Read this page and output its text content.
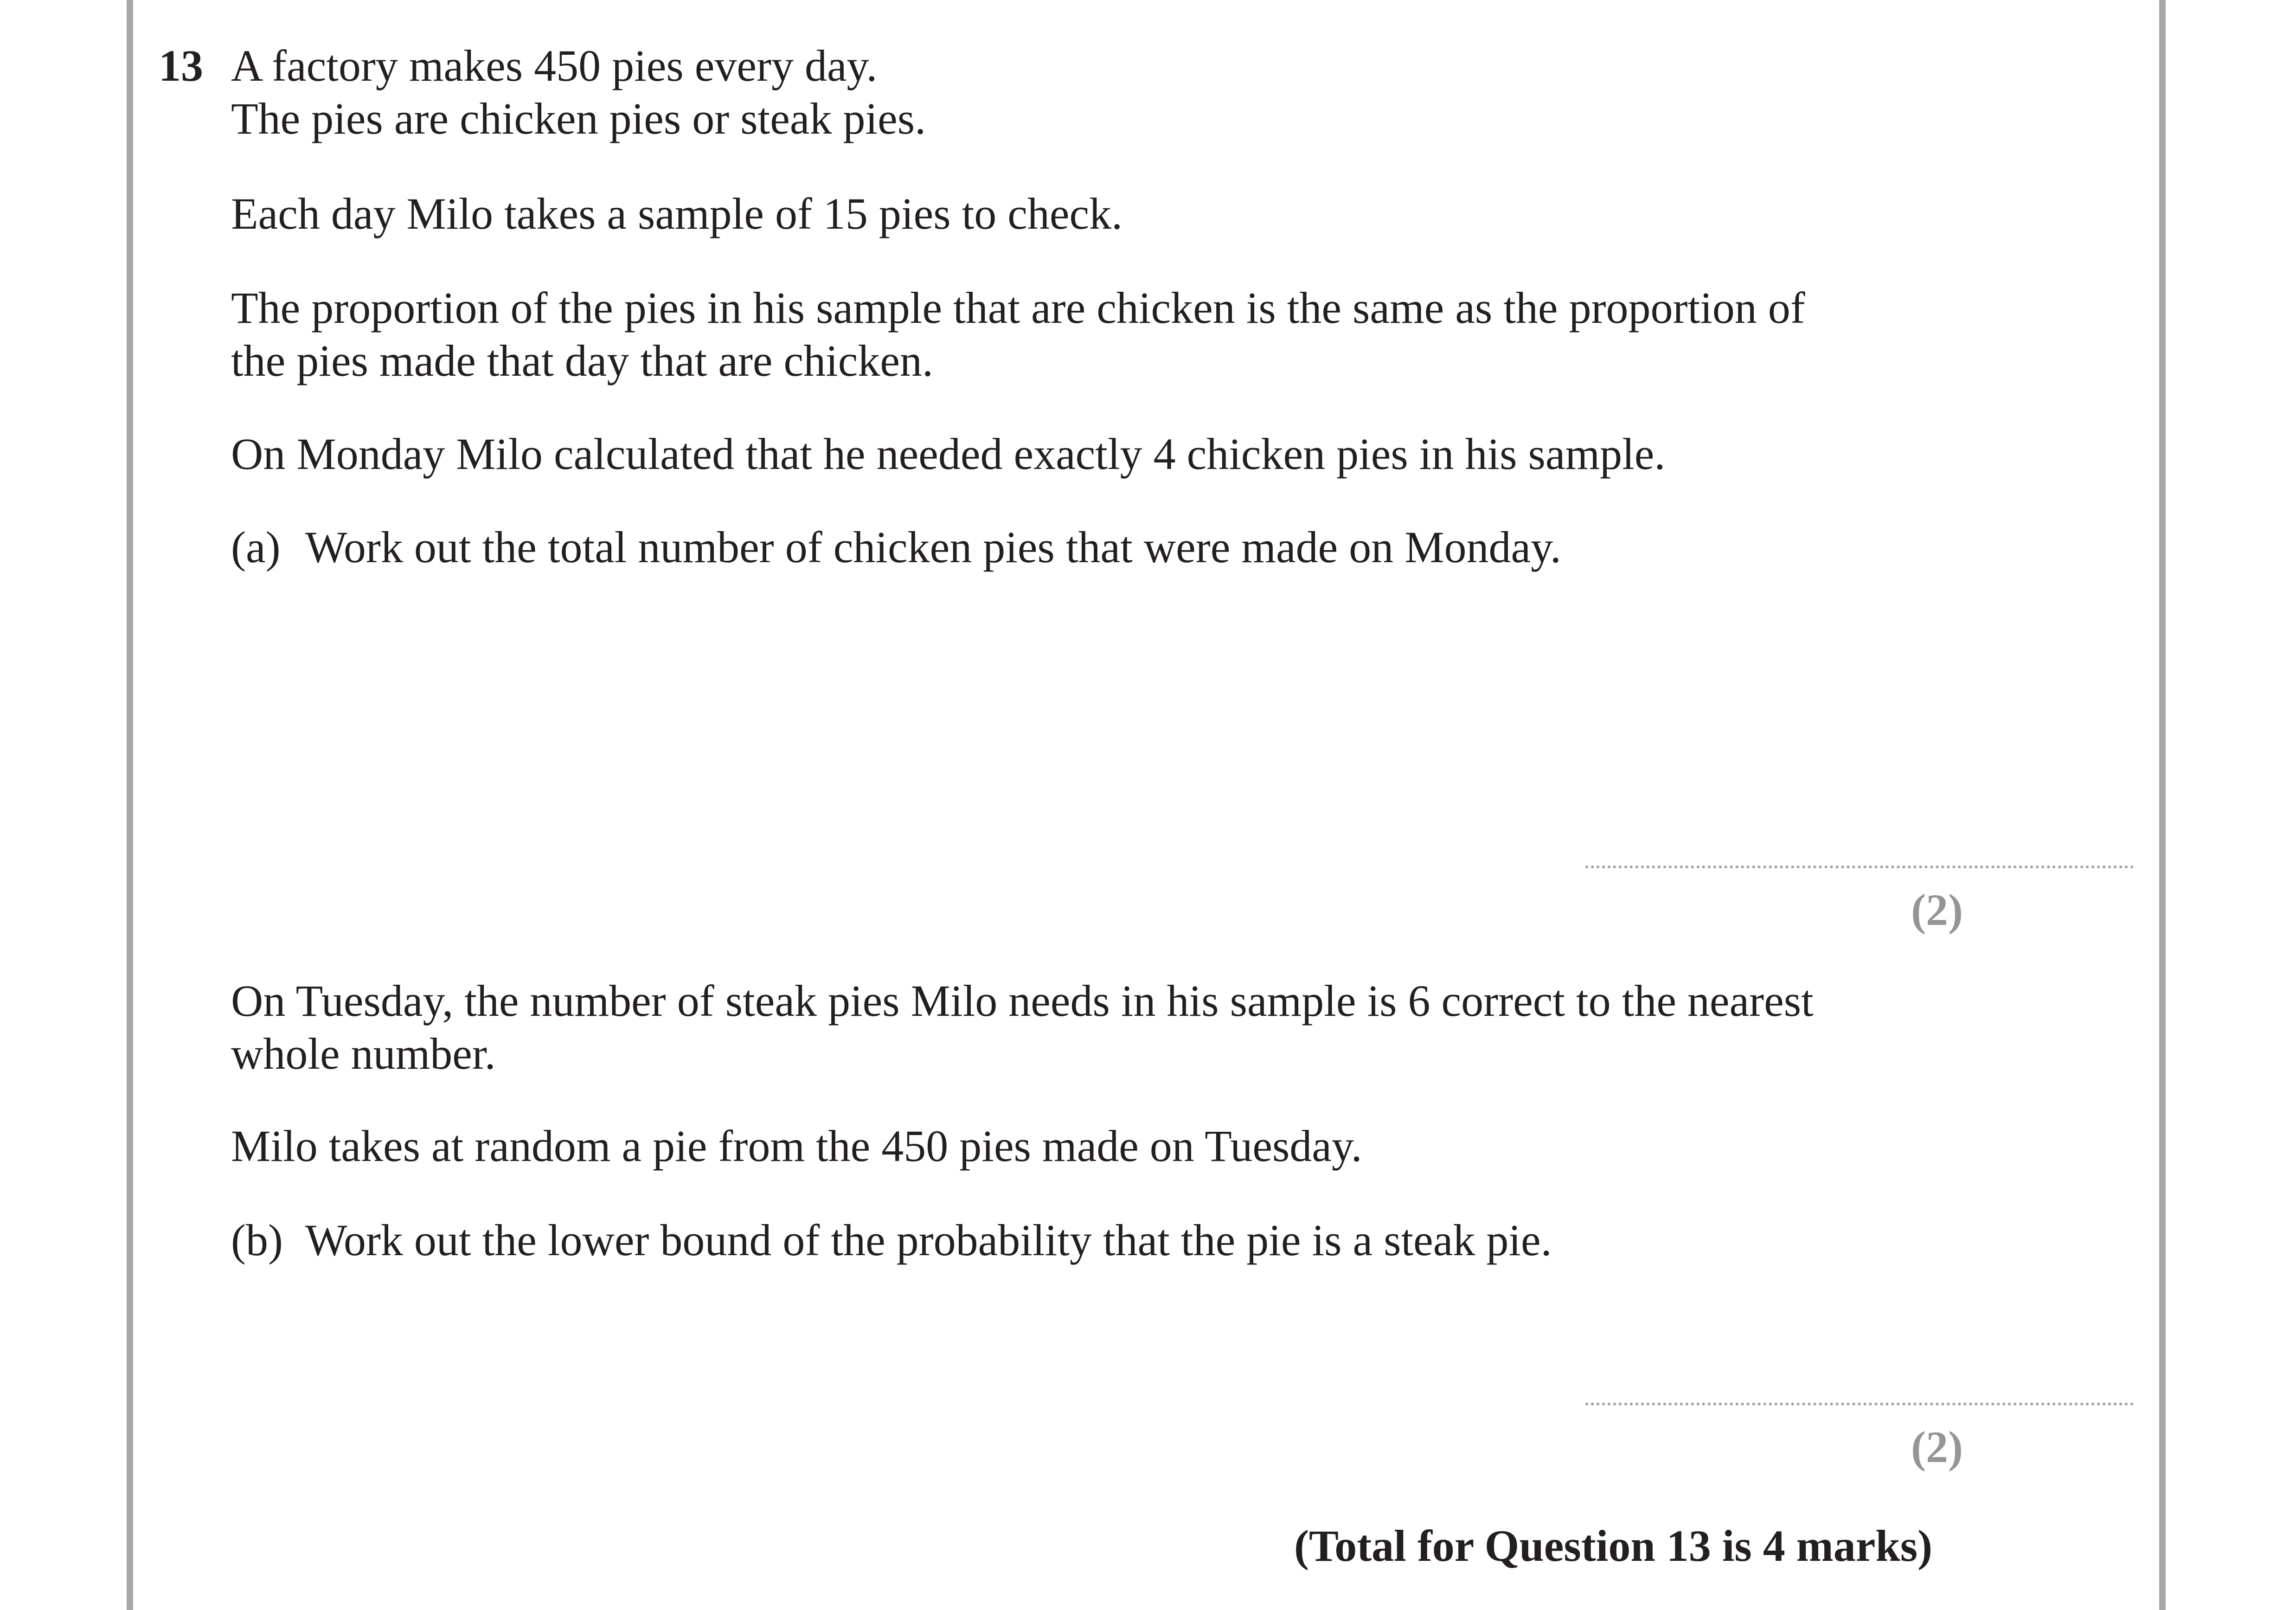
13 A factory makes 450 pies every day.

The pies are chicken pies or steak pies.

Each day Milo takes a sample of 15 pies to check.

The proportion of the pies in his sample that are chicken is the same as the proportion of

the pies made that day that are chicken.

On Monday Milo calculated that he needed exactly 4 chicken pies in his sample.

(a) Work out the total number of chicken pies that were made on Monday.

(2)

On Tuesday, the number of steak pies Milo needs in his sample is 6 correct to the nearest

whole number.

Milo takes at random a pie from the 450 pies made on Tuesday.

(b) Work out the lower bound of the probability that the pie is a steak pie.

(2)
(Total for Question 13 is 4 marks)
